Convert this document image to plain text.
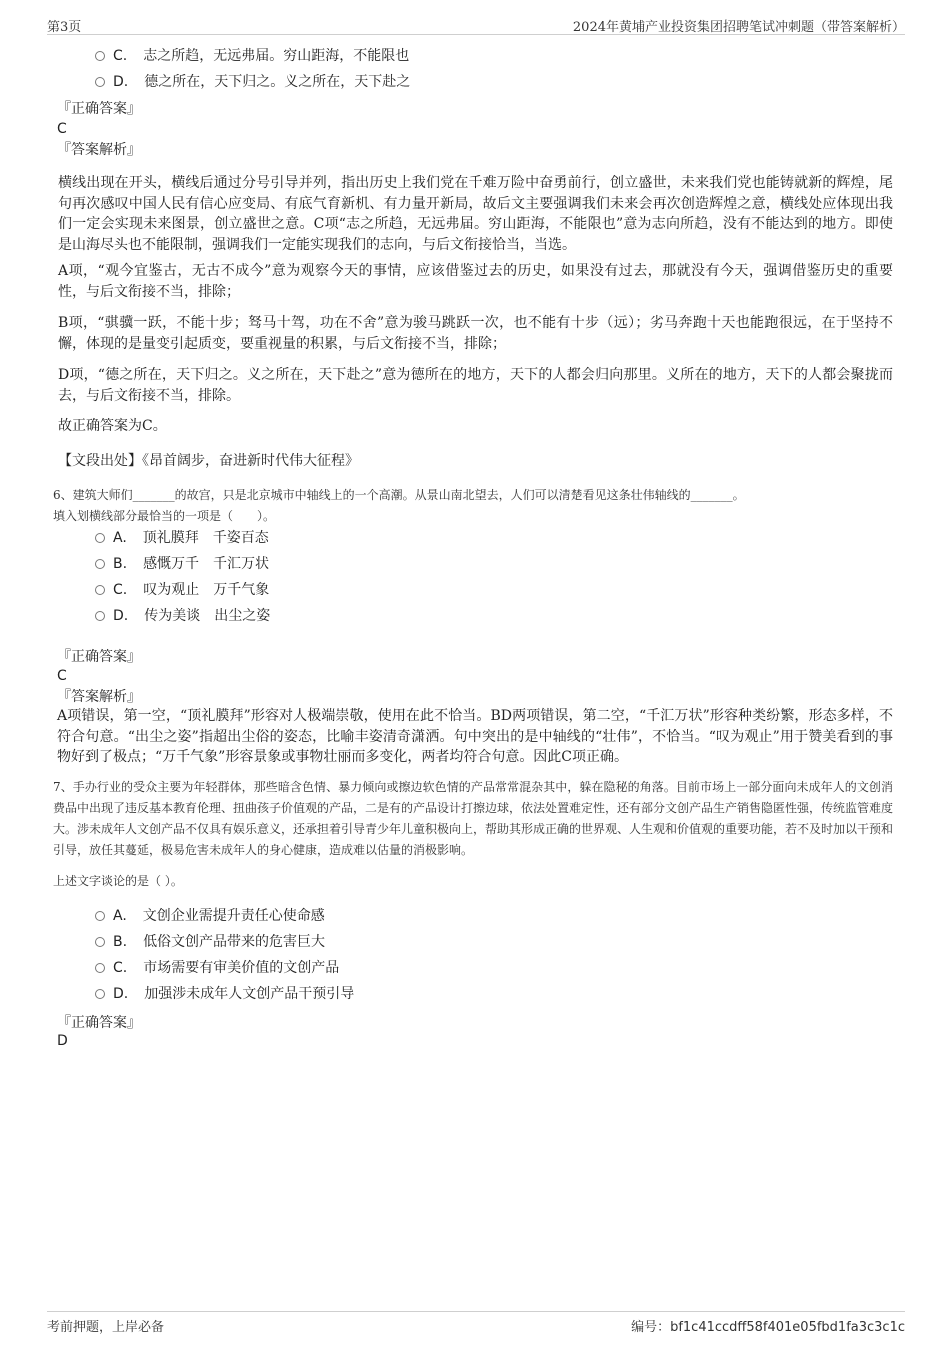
第3页	2024年黄埔产业投资集团招聘笔试冲刺题（带答案解析）
C. 志之所趋，无远弗届。穷山距海，不能限也
D. 德之所在，天下归之。义之所在，天下赴之
『正确答案』
C
『答案解析』

横线出现在开头，横线后通过分号引导并列，指出历史上我们党在千难万险中奋勇前行，创立盛世，未来我们党也能铸就新的辉煌，尾句再次感叹中国人民有信心应变局、有底气育新机、有力量开新局，故后文主要强调我们未来会再次创造辉煌之意，横线处应体现出我们一定会实现未来图景，创立盛世之意。C项“志之所趋，无远弗届。穷山距海，不能限也”意为志向所趋，没有不能达到的地方。即使是山海尽头也不能限制，强调我们一定能实现我们的志向，与后文衔接恰当，当选。

A项，“观今宜鉴古，无古不成今”意为观察今天的事情，应该借鉴过去的历史，如果没有过去，那就没有今天，强调借鉴历史的重要性，与后文衔接不当，排除；

B项，“骐骥一跃，不能十步；驽马十驾，功在不舍”意为骏马跳跃一次，也不能有十步（远）；劣马奔跑十天也能跑很远，在于坚持不懈，体现的是量变引起质变，要重视量的积累，与后文衔接不当，排除；

D项，“德之所在，天下归之。义之所在，天下赴之”意为德所在的地方，天下的人都会归向那里。义所在的地方，天下的人都会聚拢而去，与后文衔接不当，排除。

故正确答案为C。

【文段出处】《昂首阔步，奋进新时代伟大征程》

6、建筑大师们_______的故宫，只是北京城市中轴线上的一个高潮。从景山南北望去，人们可以清楚看见这条壮伟轴线的_______。

填入划横线部分最恰当的一项是（　　）。

A. 顶礼膜拜　千姿百态
B. 感慨万千　千汇万状
C. 叹为观止　万千气象
D. 传为美谈　出尘之姿
『正确答案』
C
『答案解析』

A项错误，第一空，“顶礼膜拜”形容对人极端崇敬，使用在此不恰当。BD两项错误，第二空，“千汇万状”形容种类纷繁，形态多样，不符合句意。“出尘之姿”指超出尘俗的姿态，比喻丰姿清奇潇洒。句中突出的是中轴线的“壮伟”，不恰当。“叹为观止”用于赞美看到的事物好到了极点；“万千气象”形容景象或事物壮丽而多变化，两者均符合句意。因此C项正确。

7、手办行业的受众主要为年轻群体，那些暗含色情、暴力倾向或擦边软色情的产品常常混杂其中，躲在隐秘的角落。目前市场上一部分面向未成年人的文创消费品中出现了违反基本教育伦理、扭曲孩子价值观的产品，二是有的产品设计打擦边球，依法处置难定性，还有部分文创产品生产销售隐匿性强，传统监管难度大。涉未成年人文创产品不仅具有娱乐意义，还承担着引导青少年儿童积极向上，帮助其形成正确的世界观、人生观和价值观的重要功能，若不及时加以干预和引导，放任其蔓延，极易危害未成年人的身心健康，造成难以估量的消极影响。

上述文字谈论的是（ ）。

A. 文创企业需提升责任心使命感
B. 低俗文创产品带来的危害巨大
C. 市场需要有审美价值的文创产品
D. 加强涉未成年人文创产品干预引导
『正确答案』
D
考前押题，上岸必备	编号：bf1c41ccdff58f401e05fbd1fa3c3c1c
